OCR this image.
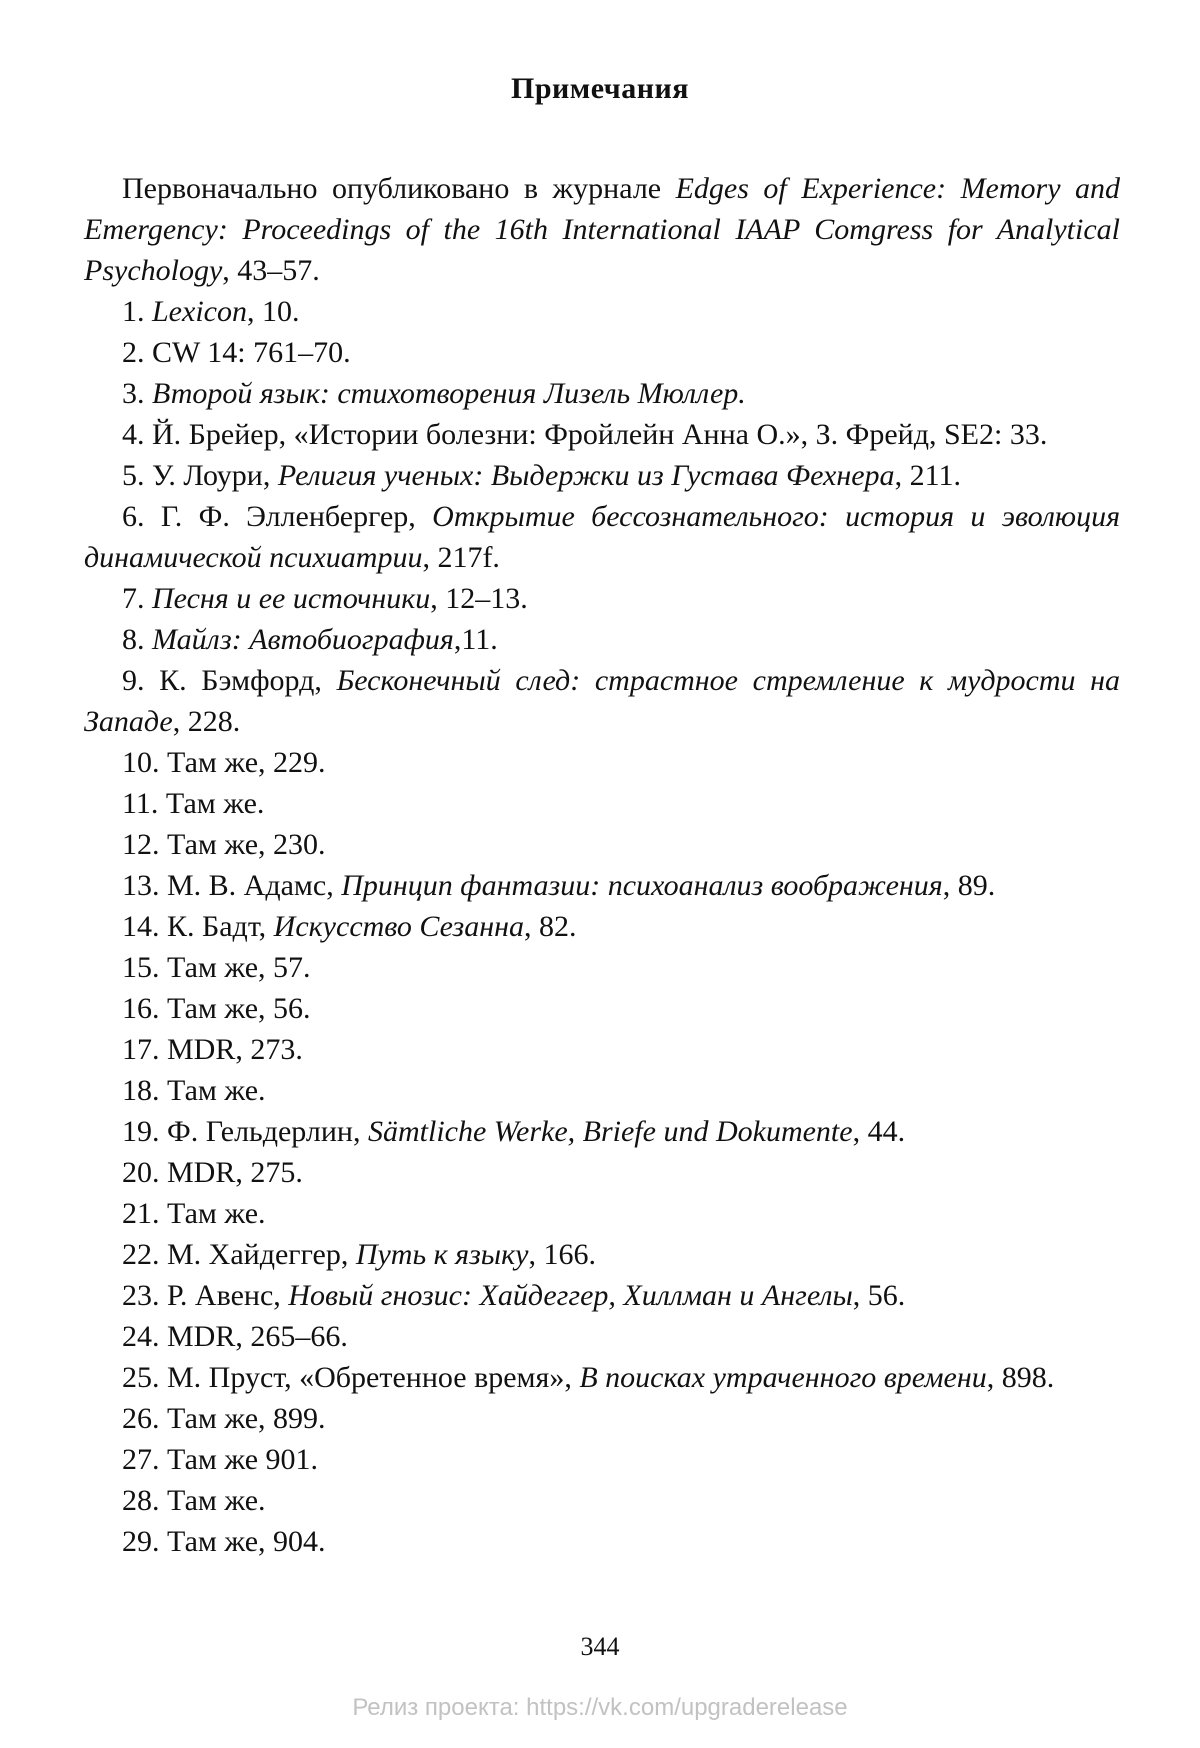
Примечания

Первоначально опубликовано в журнале Edges of Experience: Memory and Emergency: Proceedings of the 16th International IAAP Comgress for Analytical Psychology, 43–57.

1. Lexicon, 10.
2. CW 14: 761–70.
3. Второй язык: стихотворения Лизель Мюллер.
4. Й. Брейер, «Истории болезни: Фройлейн Анна О.», З. Фрейд, SE2: 33.
5. У. Лоури, Религия ученых: Выдержки из Густава Фехнера, 211.
6. Г. Ф. Элленбергер, Открытие бессознательного: история и эволюция динамической психиатрии, 217f.
7. Песня и ее источники, 12–13.
8. Майлз: Автобиография,11.
9. К. Бэмфорд, Бесконечный след: страстное стремление к мудрости на Западе, 228.
10. Там же, 229.
11. Там же.
12. Там же, 230.
13. М. В. Адамс, Принцип фантазии: психоанализ воображения, 89.
14. К. Бадт, Искусство Сезанна, 82.
15. Там же, 57.
16. Там же, 56.
17. MDR, 273.
18. Там же.
19. Ф. Гельдерлин, Sämtliche Werke, Briefe und Dokumente, 44.
20. MDR, 275.
21. Там же.
22. М. Хайдеггер, Путь к языку, 166.
23. Р. Авенс, Новый гнозис: Хайдеггер, Хиллман и Ангелы, 56.
24. MDR, 265–66.
25. М. Пруст, «Обретенное время», В поисках утраченного времени, 898.
26. Там же, 899.
27. Там же 901.
28. Там же.
29. Там же, 904.
344
Релиз проекта: https://vk.com/upgraderelease
